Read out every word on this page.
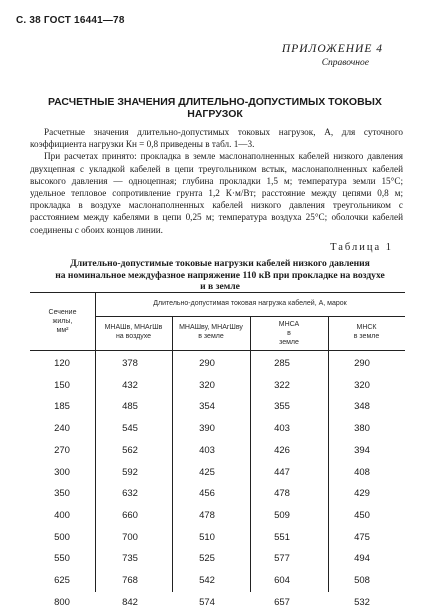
С. 38 ГОСТ 16441—78
ПРИЛОЖЕНИЕ 4
Справочное
РАСЧЕТНЫЕ ЗНАЧЕНИЯ ДЛИТЕЛЬНО-ДОПУСТИМЫХ ТОКОВЫХ
НАГРУЗОК

Расчетные значения длительно-допустимых токовых нагрузок, А, для суточного коэффициента нагрузки Кн = 0,8 приведены в табл. 1—3.

При расчетах принято: прокладка в земле маслонаполненных кабелей низкого давления двухцепная с укладкой кабелей в цепи треугольником встык, маслонаполненных кабелей высокого давления — одноцепная; глубина прокладки 1,5 м; температура земли 15°С; удельное тепловое сопротивление грунта 1,2 К·м/Вт; расстояние между цепями 0,8 м; прокладка в воздухе маслонаполненных кабелей низкого давления треугольником с расстоянием между кабелями в цепи 0,25 м; температура воздуха 25°С; оболочки кабелей соединены с обоих концов линии.

Таблица 1
Длительно-допустимые токовые нагрузки кабелей низкого давления
на номинальное междуфазное напряжение 110 кВ при прокладке на воздухе
и в земле
Сечение
жилы,
мм²
Длительно-допустимая токовая нагрузка кабелей, А, марок
МНАШв, МНАгШв
на воздухе
МНАШву, МНАгШву
в земле
МНСА
в
земле
МНСК
в земле
120	378	290	285	290
150	432	320	322	320
185	485	354	355	348
240	545	390	403	380
270	562	403	426	394
300	592	425	447	408
350	632	456	478	429
400	660	478	509	450
500	700	510	551	475
550	735	525	577	494
625	768	542	604	508
800	842	574	657	532
